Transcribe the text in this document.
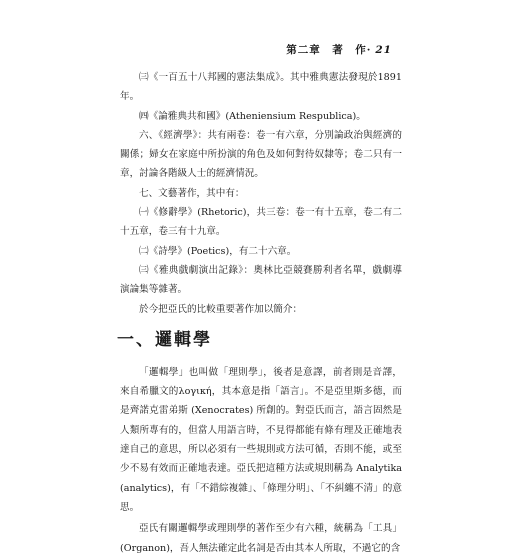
第二章　著　作· 21

㈢《一百五十八邦國的憲法集成》。其中雅典憲法發現於1891 年。

㈣《論雅典共和國》(Atheniensium Respublica)。

六、《經濟學》：共有兩卷：卷一有六章，分別論政治與經濟的關係；婦女在家庭中所扮演的角色及如何對待奴隸等；卷二只有一章，討論各階級人士的經濟情況。

七、文藝著作，其中有：

㈠《修辭學》(Rhetoric)，共三卷：卷一有十五章，卷二有二十五章，卷三有十九章。

㈡《詩學》(Poetics)，有二十六章。

㈢《雅典戲劇演出記錄》：奧林比亞競賽勝利者名單，戲劇導演論集等雜著。

於今把亞氏的比較重要著作加以簡介：

一、邏輯學

「邏輯學」也叫做「理則學」，後者是意譯，前者則是音譯，來自希臘文的λογική，其本意是指「語言」。不是亞里斯多德，而是齊諾克雷弟斯 (Xenocrates) 所創的。對亞氏而言，語言固然是人類所專有的，但當人用語言時，不見得都能有條有理及正確地表達自己的意思，所以必須有一些規則或方法可循，否則不能，或至少不易有效而正確地表達。亞氏把這種方法或規則稱為 Analytika (analytics)，有「不錯綜複雜」、「條理分明」、「不糾纏不清」的意思。

亞氏有關邏輯學或理則學的著作至少有六種，統稱為「工具」(Organon)，吾人無法確定此名詞是否由其本人所取，不過它的含
